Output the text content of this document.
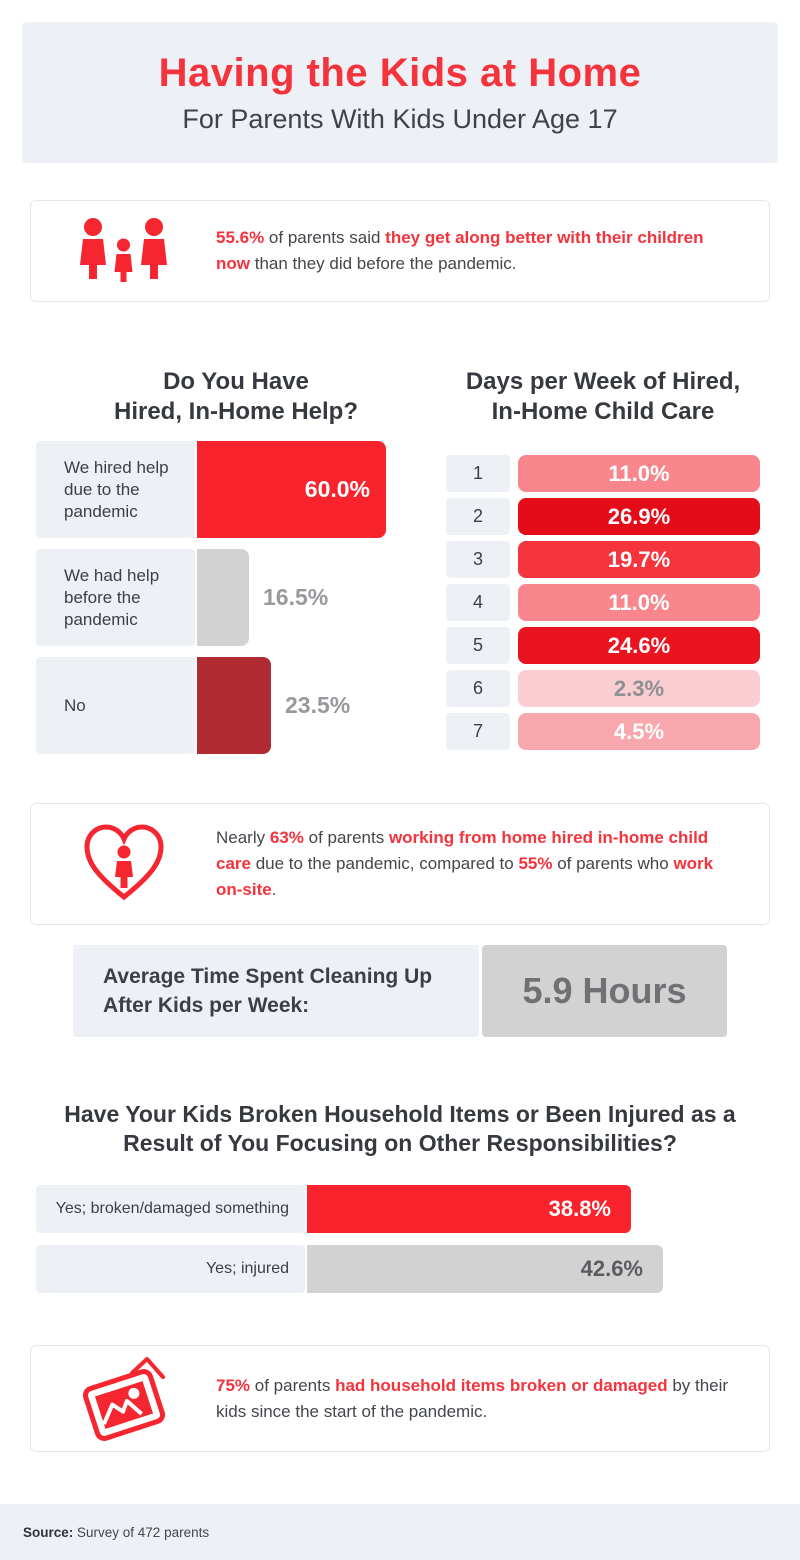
Having the Kids at Home
For Parents With Kids Under Age 17
55.6% of parents said they get along better with their children now than they did before the pandemic.
Do You Have
Hired, In-Home Help?
We hired help due to the pandemic
60.0%
We had help before the pandemic
16.5%
No	23.5%
Days per Week of Hired,
In-Home Child Care
1	11.0%
2	26.9%
3	19.7%
4	11.0%
5	24.6%
6	2.3%
7	4.5%
Nearly 63% of parents working from home hired in-home child care due to the pandemic, compared to 55% of parents who work on-site.
Average Time Spent Cleaning Up
After Kids per Week:	5.9 Hours
Have Your Kids Broken Household Items or Been Injured as a
Result of You Focusing on Other Responsibilities?
Yes; broken/damaged something	38.8%
Yes; injured	42.6%
75% of parents had household items broken or damaged by their kids since the start of the pandemic.
Source: Survey of 472 parents
